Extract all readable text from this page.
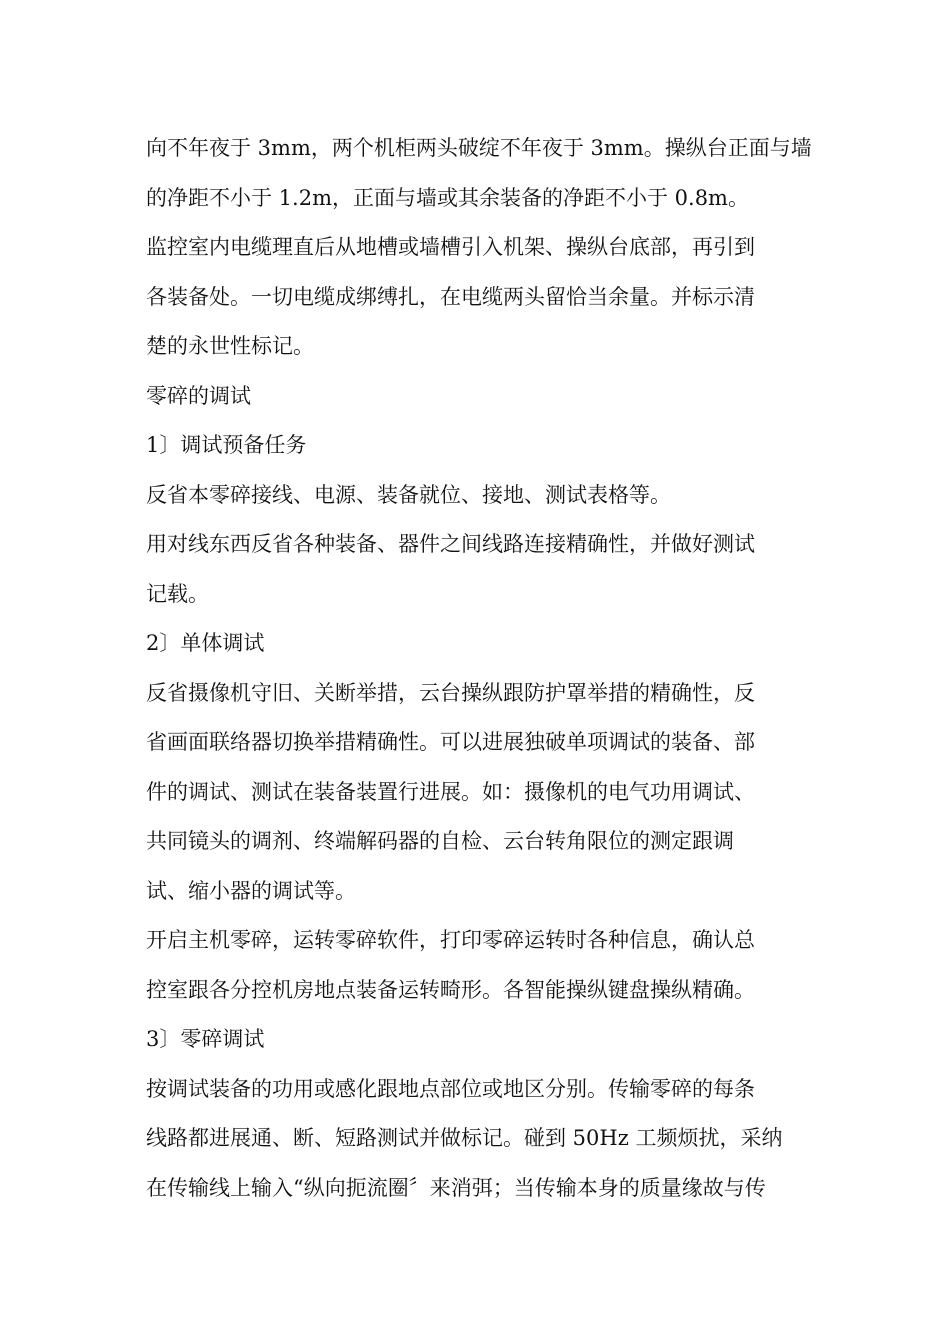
向不年夜于 3mm，两个机柜两头破绽不年夜于 3mm。操纵台正面与墙
的净距不小于 1.2m，正面与墙或其余装备的净距不小于 0.8m。
监控室内电缆理直后从地槽或墙槽引入机架、操纵台底部，再引到
各装备处。一切电缆成绑缚扎，在电缆两头留恰当余量。并标示清
楚的永世性标记。
零碎的调试
1〕调试预备任务
反省本零碎接线、电源、装备就位、接地、测试表格等。
用对线东西反省各种装备、器件之间线路连接精确性，并做好测试
记载。
2〕单体调试
反省摄像机守旧、关断举措，云台操纵跟防护罩举措的精确性，反
省画面联络器切换举措精确性。可以进展独破单项调试的装备、部
件的调试、测试在装备装置行进展。如：摄像机的电气功用调试、
共同镜头的调剂、终端解码器的自检、云台转角限位的测定跟调
试、缩小器的调试等。
开启主机零碎，运转零碎软件，打印零碎运转时各种信息，确认总
控室跟各分控机房地点装备运转畸形。各智能操纵键盘操纵精确。
3〕零碎调试
按调试装备的功用或感化跟地点部位或地区分别。传输零碎的每条
线路都进展通、断、短路测试并做标记。碰到 50Hz 工频烦扰，采纳
在传输线上输入“纵向扼流圈〞来消弭；当传输本身的质量缘故与传
